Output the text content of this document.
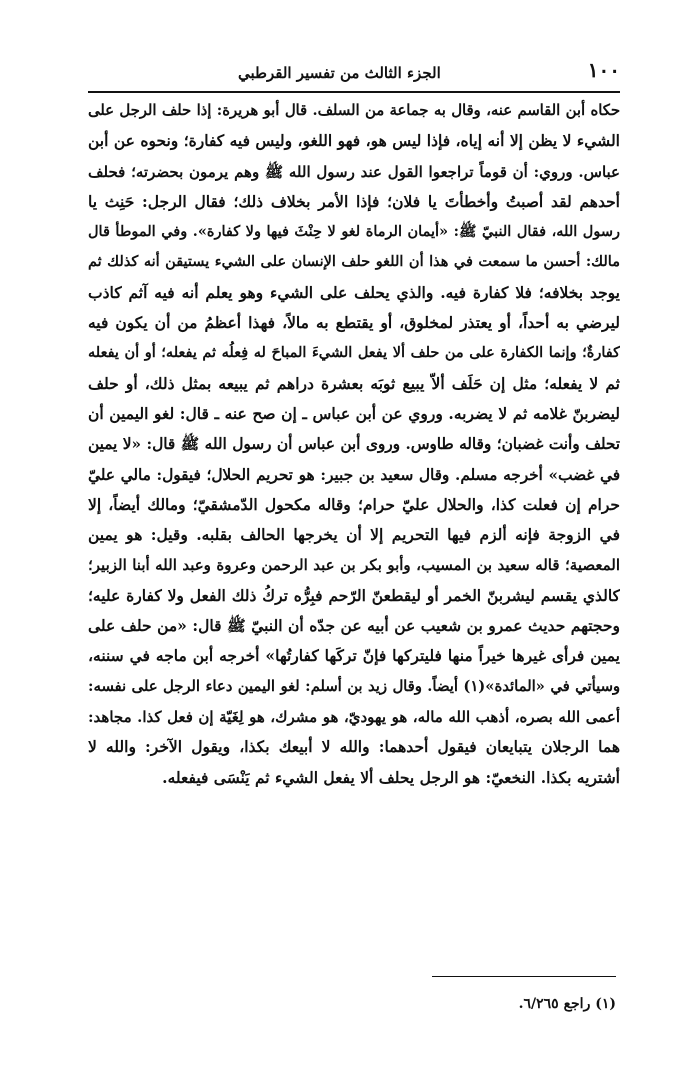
١٠٠
الجزء الثالث من تفسير القرطبي
حكاه أبن القاسم عنه، وقال به جماعة من السلف. قال أبو هريرة: إذا حلف الرجل على
الشيء لا يظن إلا أنه إياه، فإذا ليس هو، فهو اللغو، وليس فيه كفارة؛ ونحوه عن أبن
عباس. وروي: أن قوماً تراجعوا القول عند رسول الله ﷺ وهم يرمون بحضرته؛ فحلف
أحدهم لقد أصبتُ وأخطأتَ يا فلان؛ فإذا الأمر بخلاف ذلك؛ فقال الرجل: حَنِث يا
رسول الله، فقال النبيّ ﷺ: «أيمان الرماة لغو لا حِنْثَ فيها ولا كفارة». وفي الموطأ قال
مالك: أحسن ما سمعت في هذا أن اللغو حلف الإنسان على الشيء يستيقن أنه كذلك ثم
يوجد بخلافه؛ فلا كفارة فيه. والذي يحلف على الشيء وهو يعلم أنه فيه آثم كاذب
ليرضي به أحداً، أو يعتذر لمخلوق، أو يقتطع به مالاً، فهذا أعظمُ من أن يكون فيه
كفارةٌ؛ وإنما الكفارة على من حلف ألا يفعل الشيءَ المباحَ له فِعلُه ثم يفعله؛ أو أن يفعله
ثم لا يفعله؛ مثل إن حَلَف ألاّ يبيع ثوبَه بعشرة دراهم ثم يبيعه بمثل ذلك، أو حلف
ليضربنّ غلامه ثم لا يضربه. وروي عن أبن عباس ـ إن صح عنه ـ قال: لغو اليمين أن
تحلف وأنت غضبان؛ وقاله طاوس. وروى أبن عباس أن رسول الله ﷺ قال: «لا يمين
في غضب» أخرجه مسلم. وقال سعيد بن جبير: هو تحريم الحلال؛ فيقول: مالي عليّ
حرام إن فعلت كذا، والحلال عليّ حرام؛ وقاله مكحول الدّمشقيّ؛ ومالك أيضاً، إلا
في الزوجة فإنه ألزم فيها التحريم إلا أن يخرجها الحالف بقلبه. وقيل: هو يمين
المعصية؛ قاله سعيد بن المسيب، وأبو بكر بن عبد الرحمن وعروة وعبد الله أبنا الزبير؛
كالذي يقسم ليشربنّ الخمر أو ليقطعنّ الرّحم فبِرُّه تركُ ذلك الفعل ولا كفارة عليه؛
وحجتهم حديث عمرو بن شعيب عن أبيه عن جدّه أن النبيّ ﷺ قال: «من حلف على
يمين فرأى غيرها خيراً منها فليتركها فإنّ تركَها كفارتُها» أخرجه أبن ماجه في سننه،
وسيأتي في «المائدة»(١) أيضاً. وقال زيد بن أسلم: لغو اليمين دعاء الرجل على نفسه:
أعمى الله بصره، أذهب الله ماله، هو يهوديّ، هو مشرك، هو لِغَيّة إن فعل كذا. مجاهد:
هما الرجلان يتبايعان فيقول أحدهما: والله لا أبيعك بكذا، ويقول الآخر: والله لا
أشتريه بكذا. النخعيّ: هو الرجل يحلف ألا يفعل الشيء ثم يَنْسَى فيفعله.
(١) راجع ٦/٢٦٥.
